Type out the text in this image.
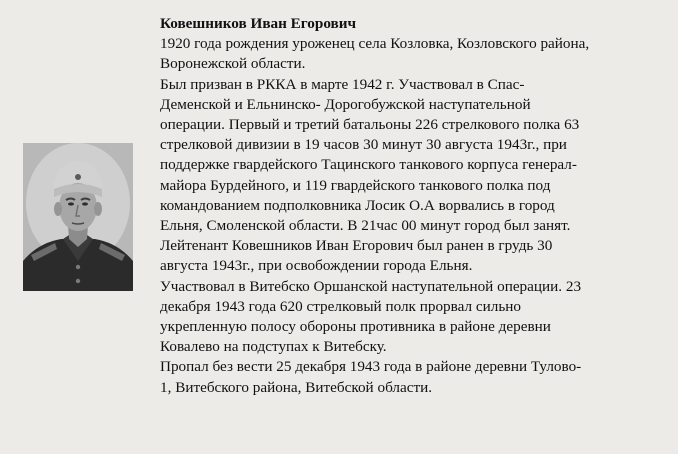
Ковешников Иван Егорович
1920 года рождения уроженец села Козловка, Козловского района,
Воронежской области.
Был призван в РККА в марте 1942 г. Участвовал в Спас-
Деменской и Ельнинско- Дорогобужской наступательной
операции. Первый и третий батальоны 226 стрелкового полка 63
стрелковой дивизии в 19 часов 30 минут 30 августа 1943г., при
поддержке гвардейского Тацинского танкового корпуса генерал-
майора Бурдейного, и 119 гвардейского танкового полка под
командованием подполковника Лосик О.А ворвались в город
Ельня, Смоленской области. В 21час 00 минут город был занят.
Лейтенант Ковешников Иван Егорович был ранен в грудь 30
августа 1943г., при освобождении города Ельня.
Участвовал в Витебско Оршанской наступательной операции. 23
декабря 1943 года 620 стрелковый полк прорвал сильно
укрепленную полосу обороны противника в районе деревни
Ковалево на подступах к Витебску.
Пропал без вести 25 декабря 1943 года в районе деревни Тулово-
1, Витебского района, Витебской области.
